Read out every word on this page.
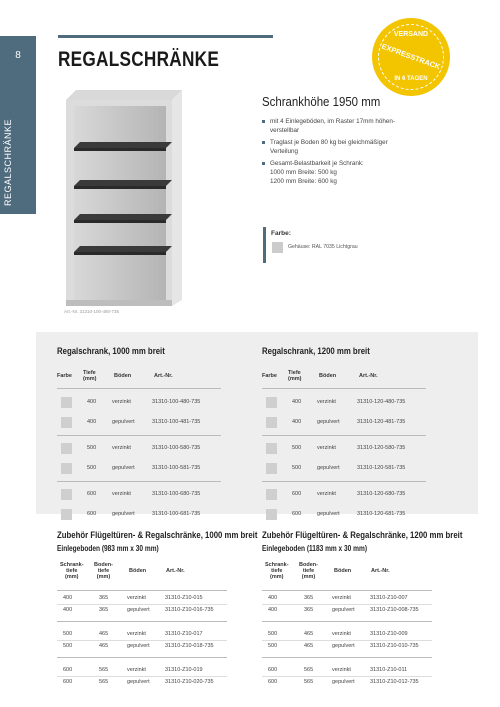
8
REGALSCHRÄNKE
REGALSCHRÄNKE
VERSAND
EXPRESSTRACK
IN 6 TAGEN
Art.-Nr. 31310-100-480-735
Schrankhöhe 1950 mm
mit 4 Einlegeböden, im Raster 17mm höhen-
verstellbar
Traglast je Boden 80 kg bei gleichmäßiger
Verteilung
Gesamt-Belastbarkeit je Schrank:
1000 mm Breite: 500 kg
1200 mm Breite: 600 kg
Farbe:
Gehäuse: RAL 7035 Lichtgrau
Regalschrank, 1000 mm breit	Regalschrank, 1200 mm breit
Farbe Tiefe
(mm)	Böden	Art.-Nr.
400	verzinkt	31310-100-480-735
400	gepulvert	31310-100-481-735
500	verzinkt	31310-100-580-735
500	gepulvert	31310-100-581-735
600	verzinkt	31310-100-680-735
600	gepulvert	31310-100-681-735
Farbe Tiefe
(mm)	Böden	Art.-Nr.
400	verzinkt	31310-120-480-735
400	gepulvert	31310-120-481-735
500	verzinkt	31310-120-580-735
500	gepulvert	31310-120-581-735
600	verzinkt	31310-120-680-735
600	gepulvert	31310-120-681-735
Zubehör Flügeltüren- & Regalschränke, 1000 mm breit
Einlegeboden (983 mm x 30 mm)
Zubehör Flügeltüren- & Regalschränke, 1200 mm breit
Einlegeboden (1183 mm x 30 mm)
Schrank-
tiefe
(mm)
Boden-
tiefe
(mm)
Böden	Art.-Nr.
400	365	verzinkt	31310-Z10-015
400	365	gepulvert	31310-Z10-016-735
500	465	verzinkt	31310-Z10-017
500	465	gepulvert	31310-Z10-018-735
600	565	verzinkt	31310-Z10-019
600	565	gepulvert	31310-Z10-020-735
Schrank-
tiefe
(mm)
Boden-
tiefe
(mm)
Böden	Art.-Nr.
400	365	verzinkt	31310-Z10-007
400	365	gepulvert	31310-Z10-008-735
500	465	verzinkt	31310-Z10-009
500	465	gepulvert	31310-Z10-010-735
600	565	verzinkt	31310-Z10-011
600	565	gepulvert	31310-Z10-012-735
